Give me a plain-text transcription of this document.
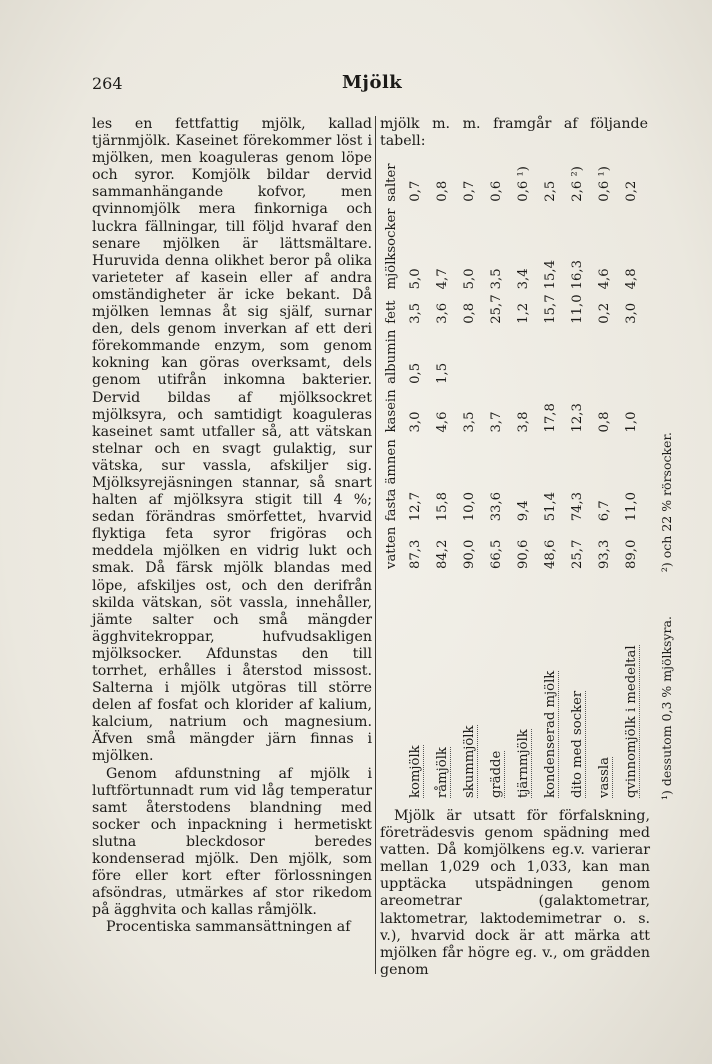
264	Mjölk

les en fettfattig mjölk, kallad tjärnmjölk. Kaseinet förekommer löst i mjölken, men koaguleras genom löpe och syror. Komjölk bildar dervid sammanhängande kofvor, men qvinnomjölk mera finkorniga och luckra fällningar, till följd hvaraf den senare mjölken är lättsmältare. Huruvida denna olikhet beror på olika varieteter af kasein eller af andra omständigheter är icke bekant. Då mjölken lemnas åt sig själf, surnar den, dels genom inverkan af ett deri förekommande enzym, som genom kokning kan göras overksamt, dels genom utifrån inkomna bakterier. Dervid bildas af mjölksockret mjölksyra, och samtidigt koaguleras kaseinet samt utfaller så, att vätskan stelnar och en svagt gulaktig, sur vätska, sur vassla, afskiljer sig. Mjölksyrejäsningen stannar, så snart halten af mjölksyra stigit till 4 %; sedan förändras smörfettet, hvarvid flyktiga feta syror frigöras och meddela mjölken en vidrig lukt och smak. Då färsk mjölk blandas med löpe, afskiljes ost, och den derifrån skilda vätskan, söt vassla, innehåller, jämte salter och små mängder ägghvitekroppar, hufvudsakligen mjölksocker. Afdunstas den till torrhet, erhålles i återstod missost. Salterna i mjölk utgöras till större delen af fosfat och klorider af kalium, kalcium, natrium och magnesium. Äfven små mängder järn finnas i mjölken.

Genom afdunstning af mjölk i luftförtunnadt rum vid låg temperatur samt återstodens blandning med socker och inpackning i hermetiskt slutna bleckdosor beredes kondenserad mjölk. Den mjölk, som före eller kort efter förlossningen afsöndras, utmärkes af stor rikedom på ägghvita och kallas råmjölk.

Procentiska sammansättningen af

mjölk m. m. framgår af följande tabell:

	vatten	fasta ämnen	kasein	albumin	fett	mjölksocker	salter
komjölk	87,3	12,7	3,0	0,5	3,5	5,0	0,7
råmjölk	84,2	15,8	4,6	1,5	3,6	4,7	0,8
skummjölk	90,0	10,0	3,5		0,8	5,0	0,7
grädde	66,5	33,6	3,7		25,7	3,5	0,6
tjärnmjölk	90,6	9,4	3,8		1,2	3,4	0,6 ¹)
kondenserad mjölk	48,6	51,4	17,8		15,7	15,4	2,5
dito med socker	25,7	74,3	12,3		11,0	16,3	2,6 ²)
vassla	93,3	6,7	0,8		0,2	4,6	0,6 ¹)
qvinnomjölk i medeltal	89,0	11,0	1,0		3,0	4,8	0,2
¹) dessutom 0,3 % mjölksyra. ²) och 22 % rörsocker.

Mjölk är utsatt för förfalskning, företrädesvis genom spädning med vatten. Då komjölkens eg.v. varierar mellan 1,029 och 1,033, kan man upptäcka utspädningen genom areometrar (galaktometrar, laktometrar, laktodemimetrar o. s. v.), hvarvid dock är att märka att mjölken får högre eg. v., om grädden genom
